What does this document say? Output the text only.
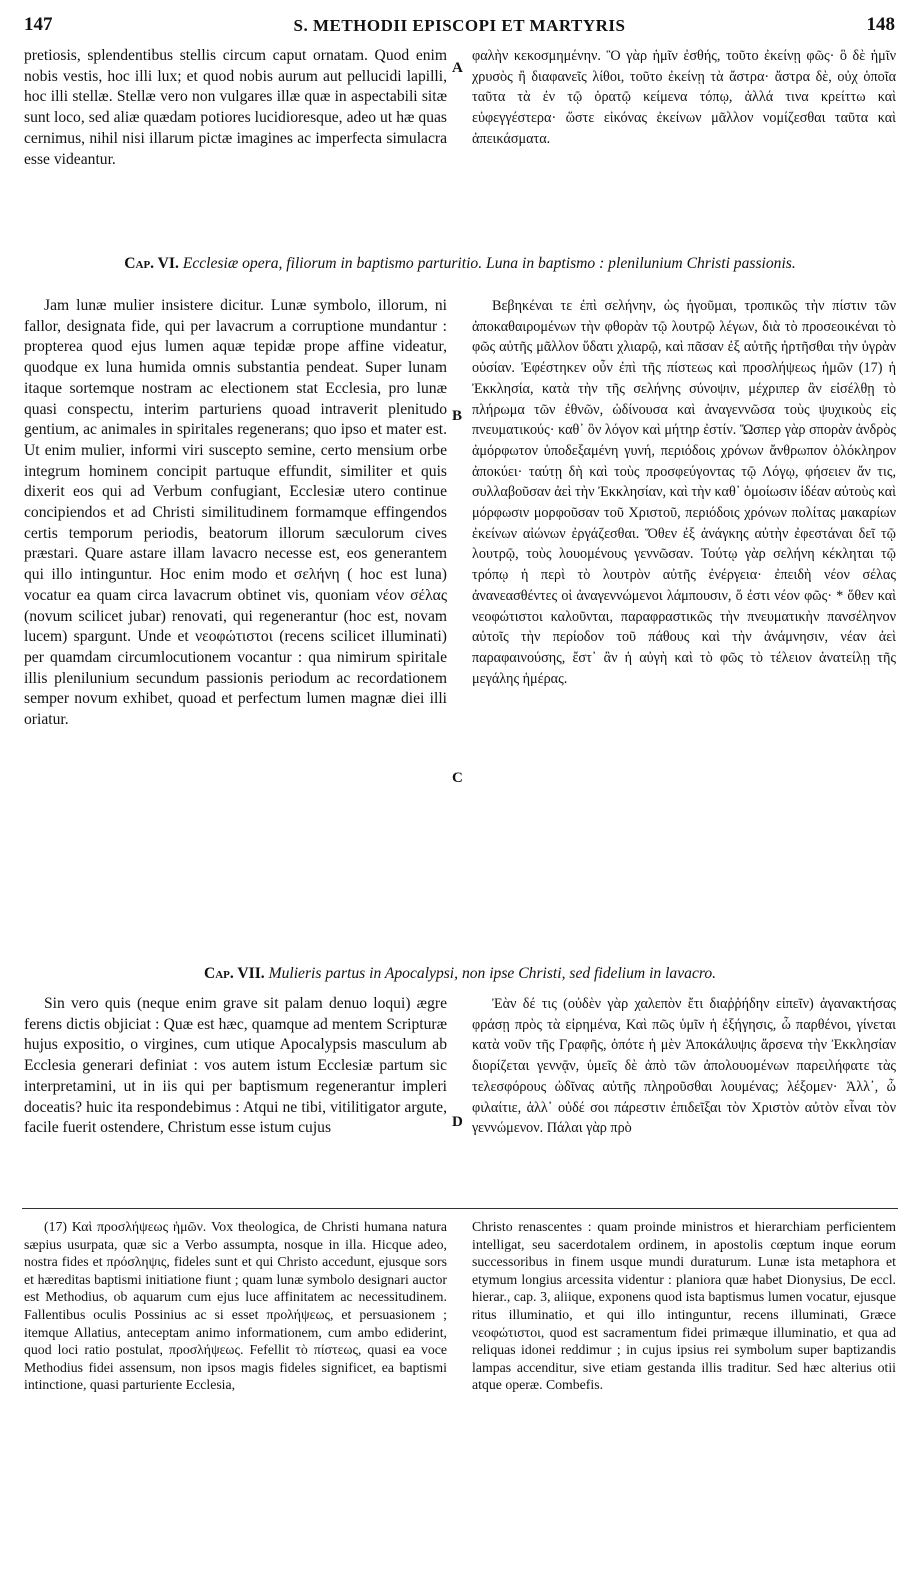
147	S. METHODII EPISCOPI ET MARTYRIS	148

pretiosis, splendentibus stellis circum caput ornatam. Quod enim nobis vestis, hoc illi lux; et quod nobis aurum aut pellucidi lapilli, hoc illi stellæ. Stellæ vero non vulgares illæ quæ in aspectabili sitæ sunt loco, sed aliæ quædam potiores lucidioresque, adeo ut hæ quas cernimus, nihil nisi illarum pictæ imagines ac imperfecta simulacra esse videantur.

A

φαλὴν κεκοσμημένην. Ὃ γὰρ ἡμῖν ἐσθής, τοῦτο ἐκείνῃ φῶς· ὃ δὲ ἡμῖν χρυσὸς ἢ διαφανεῖς λίθοι, τοῦτο ἐκείνῃ τὰ ἄστρα· ἄστρα δὲ, οὐχ ὁποῖα ταῦτα τὰ ἐν τῷ ὁρατῷ κείμενα τόπῳ, ἀλλά τινα κρείττω καὶ εὐφεγγέστερα· ὥστε εἰκόνας ἐκείνων μᾶλλον νομίζεσθαι ταῦτα καὶ ἀπεικάσματα.

Cap. VI. Ecclesiæ opera, filiorum in baptismo parturitio. Luna in baptismo : plenilunium Christi passionis.

Jam lunæ mulier insistere dicitur. Lunæ symbolo, illorum, ni fallor, designata fide, qui per lavacrum a corruptione mundantur : propterea quod ejus lumen aquæ tepidæ prope affine videatur, quodque ex luna humida omnis substantia pendeat. Super lunam itaque sortemque nostram ac electionem stat Ecclesia, pro lunæ quasi conspectu, interim parturiens quoad intraverit plenitudo gentium, ac animales in spiritales regenerans; quo ipso et mater est. Ut enim mulier, informi viri suscepto semine, certo mensium orbe integrum hominem concipit partuque effundit, similiter et quis dixerit eos qui ad Verbum confugiant, Ecclesiæ utero continue concipiendos et ad Christi similitudinem formamque effingendos certis temporum periodis, beatorum illorum sæculorum cives præstari. Quare astare illam lavacro necesse est, eos generantem qui illo intinguntur. Hoc enim modo et σελήνη ( hoc est luna) vocatur ea quam circa lavacrum obtinet vis, quoniam νέον σέλας (novum scilicet jubar) renovati, qui regenerantur (hoc est, novam lucem) spargunt. Unde et νεοφώτιστοι (recens scilicet illuminati) per quamdam circumlocutionem vocantur : qua nimirum spiritale illis plenilunium secundum passionis periodum ac recordationem semper novum exhibet, quoad et perfectum lumen magnæ diei illi oriatur.

B
C

Βεβηκέναι τε ἐπὶ σελήνην, ὡς ἡγοῦμαι, τροπικῶς τὴν πίστιν τῶν ἀποκαθαιρομένων τὴν φθορὰν τῷ λουτρῷ λέγων, διὰ τὸ προσεοικέναι τὸ φῶς αὐτῆς μᾶλλον ὕδατι χλιαρῷ, καὶ πᾶσαν ἐξ αὐτῆς ἠρτῆσθαι τὴν ὑγρὰν οὐσίαν. Ἐφέστηκεν οὖν ἐπὶ τῆς πίστεως καὶ προσλήψεως ἡμῶν (17) ἡ Ἐκκλησία, κατὰ τὴν τῆς σελήνης σύνοψιν, μέχριπερ ἂν εἰσέλθῃ τὸ πλήρωμα τῶν ἐθνῶν, ὠδίνουσα καὶ ἀναγεννῶσα τοὺς ψυχικοὺς εἰς πνευματικούς· καθ᾽ ὃν λόγον καὶ μήτηρ ἐστίν. Ὥσπερ γὰρ σπορὰν ἀνδρὸς ἀμόρφωτον ὑποδεξαμένη γυνή, περιόδοις χρόνων ἄνθρωπον ὁλόκληρον ἀποκύει· ταύτῃ δὴ καὶ τοὺς προσφεύγοντας τῷ Λόγῳ, φήσειεν ἄν τις, συλλαβοῦσαν ἀεὶ τὴν Ἐκκλησίαν, καὶ τὴν καθ᾽ ὁμοίωσιν ἰδέαν αὐτοὺς καὶ μόρφωσιν μορφοῦσαν τοῦ Χριστοῦ, περιόδοις χρόνων πολίτας μακαρίων ἐκείνων αἰώνων ἐργάζεσθαι. Ὅθεν ἐξ ἀνάγκης αὐτὴν ἐφεστάναι δεῖ τῷ λουτρῷ, τοὺς λουομένους γεννῶσαν. Τούτῳ γὰρ σελήνη κέκληται τῷ τρόπῳ ἡ περὶ τὸ λουτρὸν αὐτῆς ἐνέργεια· ἐπειδὴ νέον σέλας ἀνανεασθέντες οἱ ἀναγεννώμενοι λάμπουσιν, ὅ ἐστι νέον φῶς· * ὅθεν καὶ νεοφώτιστοι καλοῦνται, παραφραστικῶς τὴν πνευματικὴν πανσέληνον αὐτοῖς τὴν περίοδον τοῦ πάθους καὶ τὴν ἀνάμνησιν, νέαν ἀεὶ παραφαινούσης, ἔστ᾽ ἂν ἡ αὐγὴ καὶ τὸ φῶς τὸ τέλειον ἀνατείλῃ τῆς μεγάλης ἡμέρας.

Cap. VII. Mulieris partus in Apocalypsi, non ipse Christi, sed fidelium in lavacro.

Sin vero quis (neque enim grave sit palam denuo loqui) ægre ferens dictis objiciat : Quæ est hæc, quamque ad mentem Scripturæ hujus expositio, o virgines, cum utique Apocalypsis masculum ab Ecclesia generari definiat : vos autem istum Ecclesiæ partum sic interpretamini, ut in iis qui per baptismum regenerantur impleri doceatis? huic ita respondebimus : Atqui ne tibi, vitilitigator argute, facile fuerit ostendere, Christum esse istum cujus	D

Ἐὰν δέ τις (οὐδὲν γὰρ χαλεπὸν ἔτι διαῤῥήδην εἰπεῖν) ἀγανακτήσας φράσῃ πρὸς τὰ εἰρημένα, Καὶ πῶς ὑμῖν ἡ ἐξήγησις, ὦ παρθένοι, γίνεται κατὰ νοῦν τῆς Γραφῆς, ὁπότε ἡ μὲν Ἀποκάλυψις ἄρσενα τὴν Ἐκκλησίαν διορίζεται γεννᾷν, ὑμεῖς δὲ ἀπὸ τῶν ἀπολουομένων παρειλήφατε τὰς τελεσφόρους ὠδῖνας αὐτῆς πληροῦσθαι λουμένας; λέξομεν· Ἀλλ᾽, ὦ φιλαίτιε, ἀλλ᾽ οὐδέ σοι πάρεστιν ἐπιδεῖξαι τὸν Χριστὸν αὐτὸν εἶναι τὸν γεννώμενον. Πάλαι γὰρ πρὸ

(17) Καὶ προσλήψεως ἡμῶν. Vox theologica, de Christi humana natura sæpius usurpata, quæ sic a Verbo assumpta, nosque in illa. Hicque adeo, nostra fides et πρόσληψις, fideles sunt et qui Christo accedunt, ejusque sors et hæreditas baptismi initiatione fiunt ; quam lunæ symbolo designari auctor est Methodius, ob aquarum cum ejus luce affinitatem ac necessitudinem. Fallentibus oculis Possinius ac si esset προλήψεως, et persuasionem ; itemque Allatius, anteceptam animo informationem, cum ambo ediderint, quod loci ratio postulat, προσλήψεως. Fefellit τὸ πίστεως, quasi ea voce Methodius fidei assensum, non ipsos magis fideles significet, ea baptismi intinctione, quasi parturiente Ecclesia,

Christo renascentes : quam proinde ministros et hierarchiam perficientem intelligat, seu sacerdotalem ordinem, in apostolis cœptum inque eorum successoribus in finem usque mundi duraturum. Lunæ ista metaphora et etymum longius arcessita videntur : planiora quæ habet Dionysius, De eccl. hierar., cap. 3, aliique, exponens quod ista baptismus lumen vocatur, ejusque ritus illuminatio, et qui illo intinguntur, recens illuminati, Græce νεοφώτιστοι, quod est sacramentum fidei primæque illuminatio, et qua ad reliquas idonei reddimur ; in cujus ipsius rei symbolum super baptizandis lampas accenditur, sive etiam gestanda illis traditur. Sed hæc alterius otii atque operæ. Combefis.
